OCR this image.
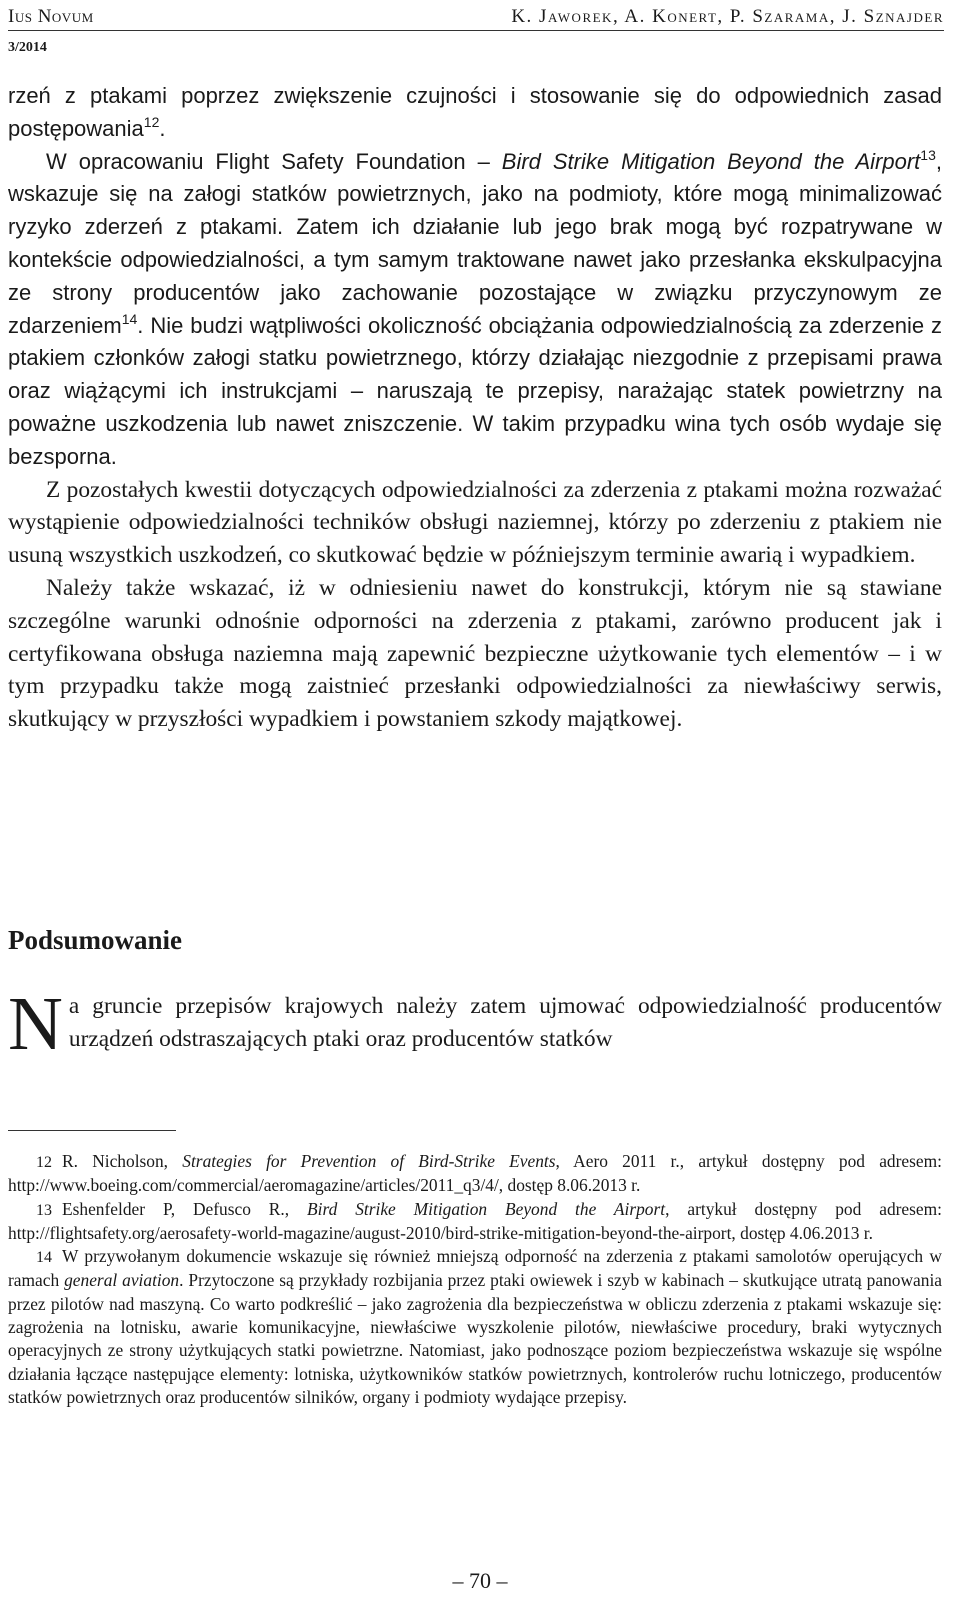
Ius Novum	K. Jaworek, A. Konert, P. Szarama, J. Sznajder
3/2014

rzeń z ptakami poprzez zwiększenie czujności i stosowanie się do odpowiednich zasad postępowania$^{12}$.

W opracowaniu Flight Safety Foundation – Bird Strike Mitigation Beyond the Airport$^{13}$, wskazuje się na załogi statków powietrznych, jako na podmioty, które mogą minimalizować ryzyko zderzeń z ptakami. Zatem ich działanie lub jego brak mogą być rozpatrywane w kontekście odpowiedzialności, a tym samym traktowane nawet jako przesłanka ekskulpacyjna ze strony producentów jako zachowanie pozostające w związku przyczynowym ze zdarzeniem$^{14}$. Nie budzi wątpliwości okoliczność obciążania odpowiedzialnością za zderzenie z ptakiem członków załogi statku powietrznego, którzy działając niezgodnie z przepisami prawa oraz wiążącymi ich instrukcjami – naruszają te przepisy, narażając statek powietrzny na poważne uszkodzenia lub nawet zniszczenie. W takim przypadku wina tych osób wydaje się bezsporna.

Z pozostałych kwestii dotyczących odpowiedzialności za zderzenia z ptakami można rozważać wystąpienie odpowiedzialności techników obsługi naziemnej, którzy po zderzeniu z ptakiem nie usuną wszystkich uszkodzeń, co skutkować będzie w późniejszym terminie awarią i wypadkiem.

Należy także wskazać, iż w odniesieniu nawet do konstrukcji, którym nie są stawiane szczególne warunki odnośnie odporności na zderzenia z ptakami, zarówno producent jak i certyfikowana obsługa naziemna mają zapewnić bezpieczne użytkowanie tych elementów – i w tym przypadku także mogą zaistnieć przesłanki odpowiedzialności za niewłaściwy serwis, skutkujący w przyszłości wypadkiem i powstaniem szkody majątkowej.

Podsumowanie
N a gruncie przepisów krajowych należy zatem ujmować odpowiedzialność producentów urządzeń odstraszających ptaki oraz producentów statków

12 R. Nicholson, Strategies for Prevention of Bird-Strike Events, Aero 2011 r., artykuł dostępny pod adresem: http://www.boeing.com/commercial/aeromagazine/articles/2011_q3/4/, dostęp 8.06.2013 r.

13 Eshenfelder P, Defusco R., Bird Strike Mitigation Beyond the Airport, artykuł dostępny pod adresem: http://flightsafety.org/aerosafety-world-magazine/august-2010/bird-strike-mitigation-beyond-the-airport, dostęp 4.06.2013 r.

14 W przywołanym dokumencie wskazuje się również mniejszą odporność na zderzenia z ptakami samolotów operujących w ramach general aviation. Przytoczone są przykłady rozbijania przez ptaki owiewek i szyb w kabinach – skutkujące utratą panowania przez pilotów nad maszyną. Co warto podkreślić – jako zagrożenia dla bezpieczeństwa w obliczu zderzenia z ptakami wskazuje się: zagrożenia na lotnisku, awarie komunikacyjne, niewłaściwe wyszkolenie pilotów, niewłaściwe procedury, braki wytycznych operacyjnych ze strony użytkujących statki powietrzne. Natomiast, jako podnoszące poziom bezpieczeństwa wskazuje się wspólne działania łączące następujące elementy: lotniska, użytkowników statków powietrznych, kontrolerów ruchu lotniczego, producentów statków powietrznych oraz producentów silników, organy i podmioty wydające przepisy.

– 70 –
